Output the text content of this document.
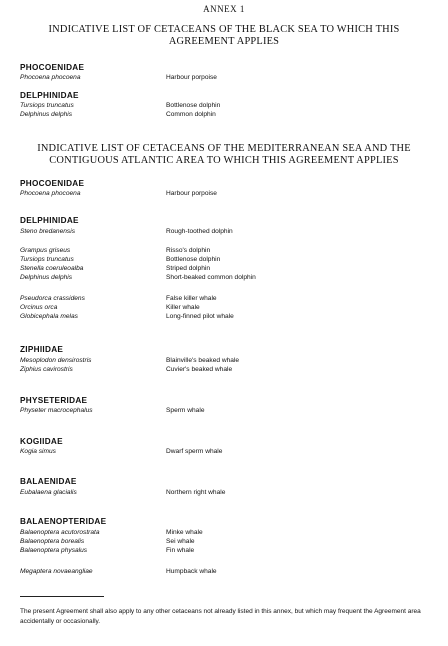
ANNEX 1
INDICATIVE LIST OF CETACEANS OF THE BLACK SEA TO WHICH THIS AGREEMENT APPLIES
PHOCOENIDAE
Phocoena phocoena	Harbour porpoise
DELPHINIDAE
Tursiops truncatus	Bottlenose dolphin
Delphinus delphis	Common dolphin
INDICATIVE LIST OF CETACEANS OF THE MEDITERRANEAN SEA AND THE CONTIGUOUS ATLANTIC AREA TO WHICH THIS AGREEMENT APPLIES
PHOCOENIDAE
Phocoena phocoena	Harbour porpoise
DELPHINIDAE
Steno bredanensis	Rough-toothed dolphin
Grampus griseus	Risso's dolphin
Tursiops truncatus	Bottlenose dolphin
Stenella coeruleoalba	Striped dolphin
Delphinus delphis	Short-beaked common dolphin
Pseudorca crassidens	False killer whale
Orcinus orca	Killer whale
Globicephala melas	Long-finned pilot whale
ZIPHIIDAE
Mesoplodon densirostris	Blainville's beaked whale
Ziphius cavirostris	Cuvier's beaked whale
PHYSETERIDAE
Physeter macrocephalus	Sperm whale
KOGIIDAE
Kogia simus	Dwarf sperm whale
BALAENIDAE
Eubalaena glacialis	Northern right whale
BALAENOPTERIDAE
Balaenoptera acutorostrata	Minke whale
Balaenoptera borealis	Sei whale
Balaenoptera physalus	Fin whale
Megaptera novaeangliae	Humpback whale
The present Agreement shall also apply to any other cetaceans not already listed in this annex, but which may frequent the Agreement area accidentally or occasionally.
